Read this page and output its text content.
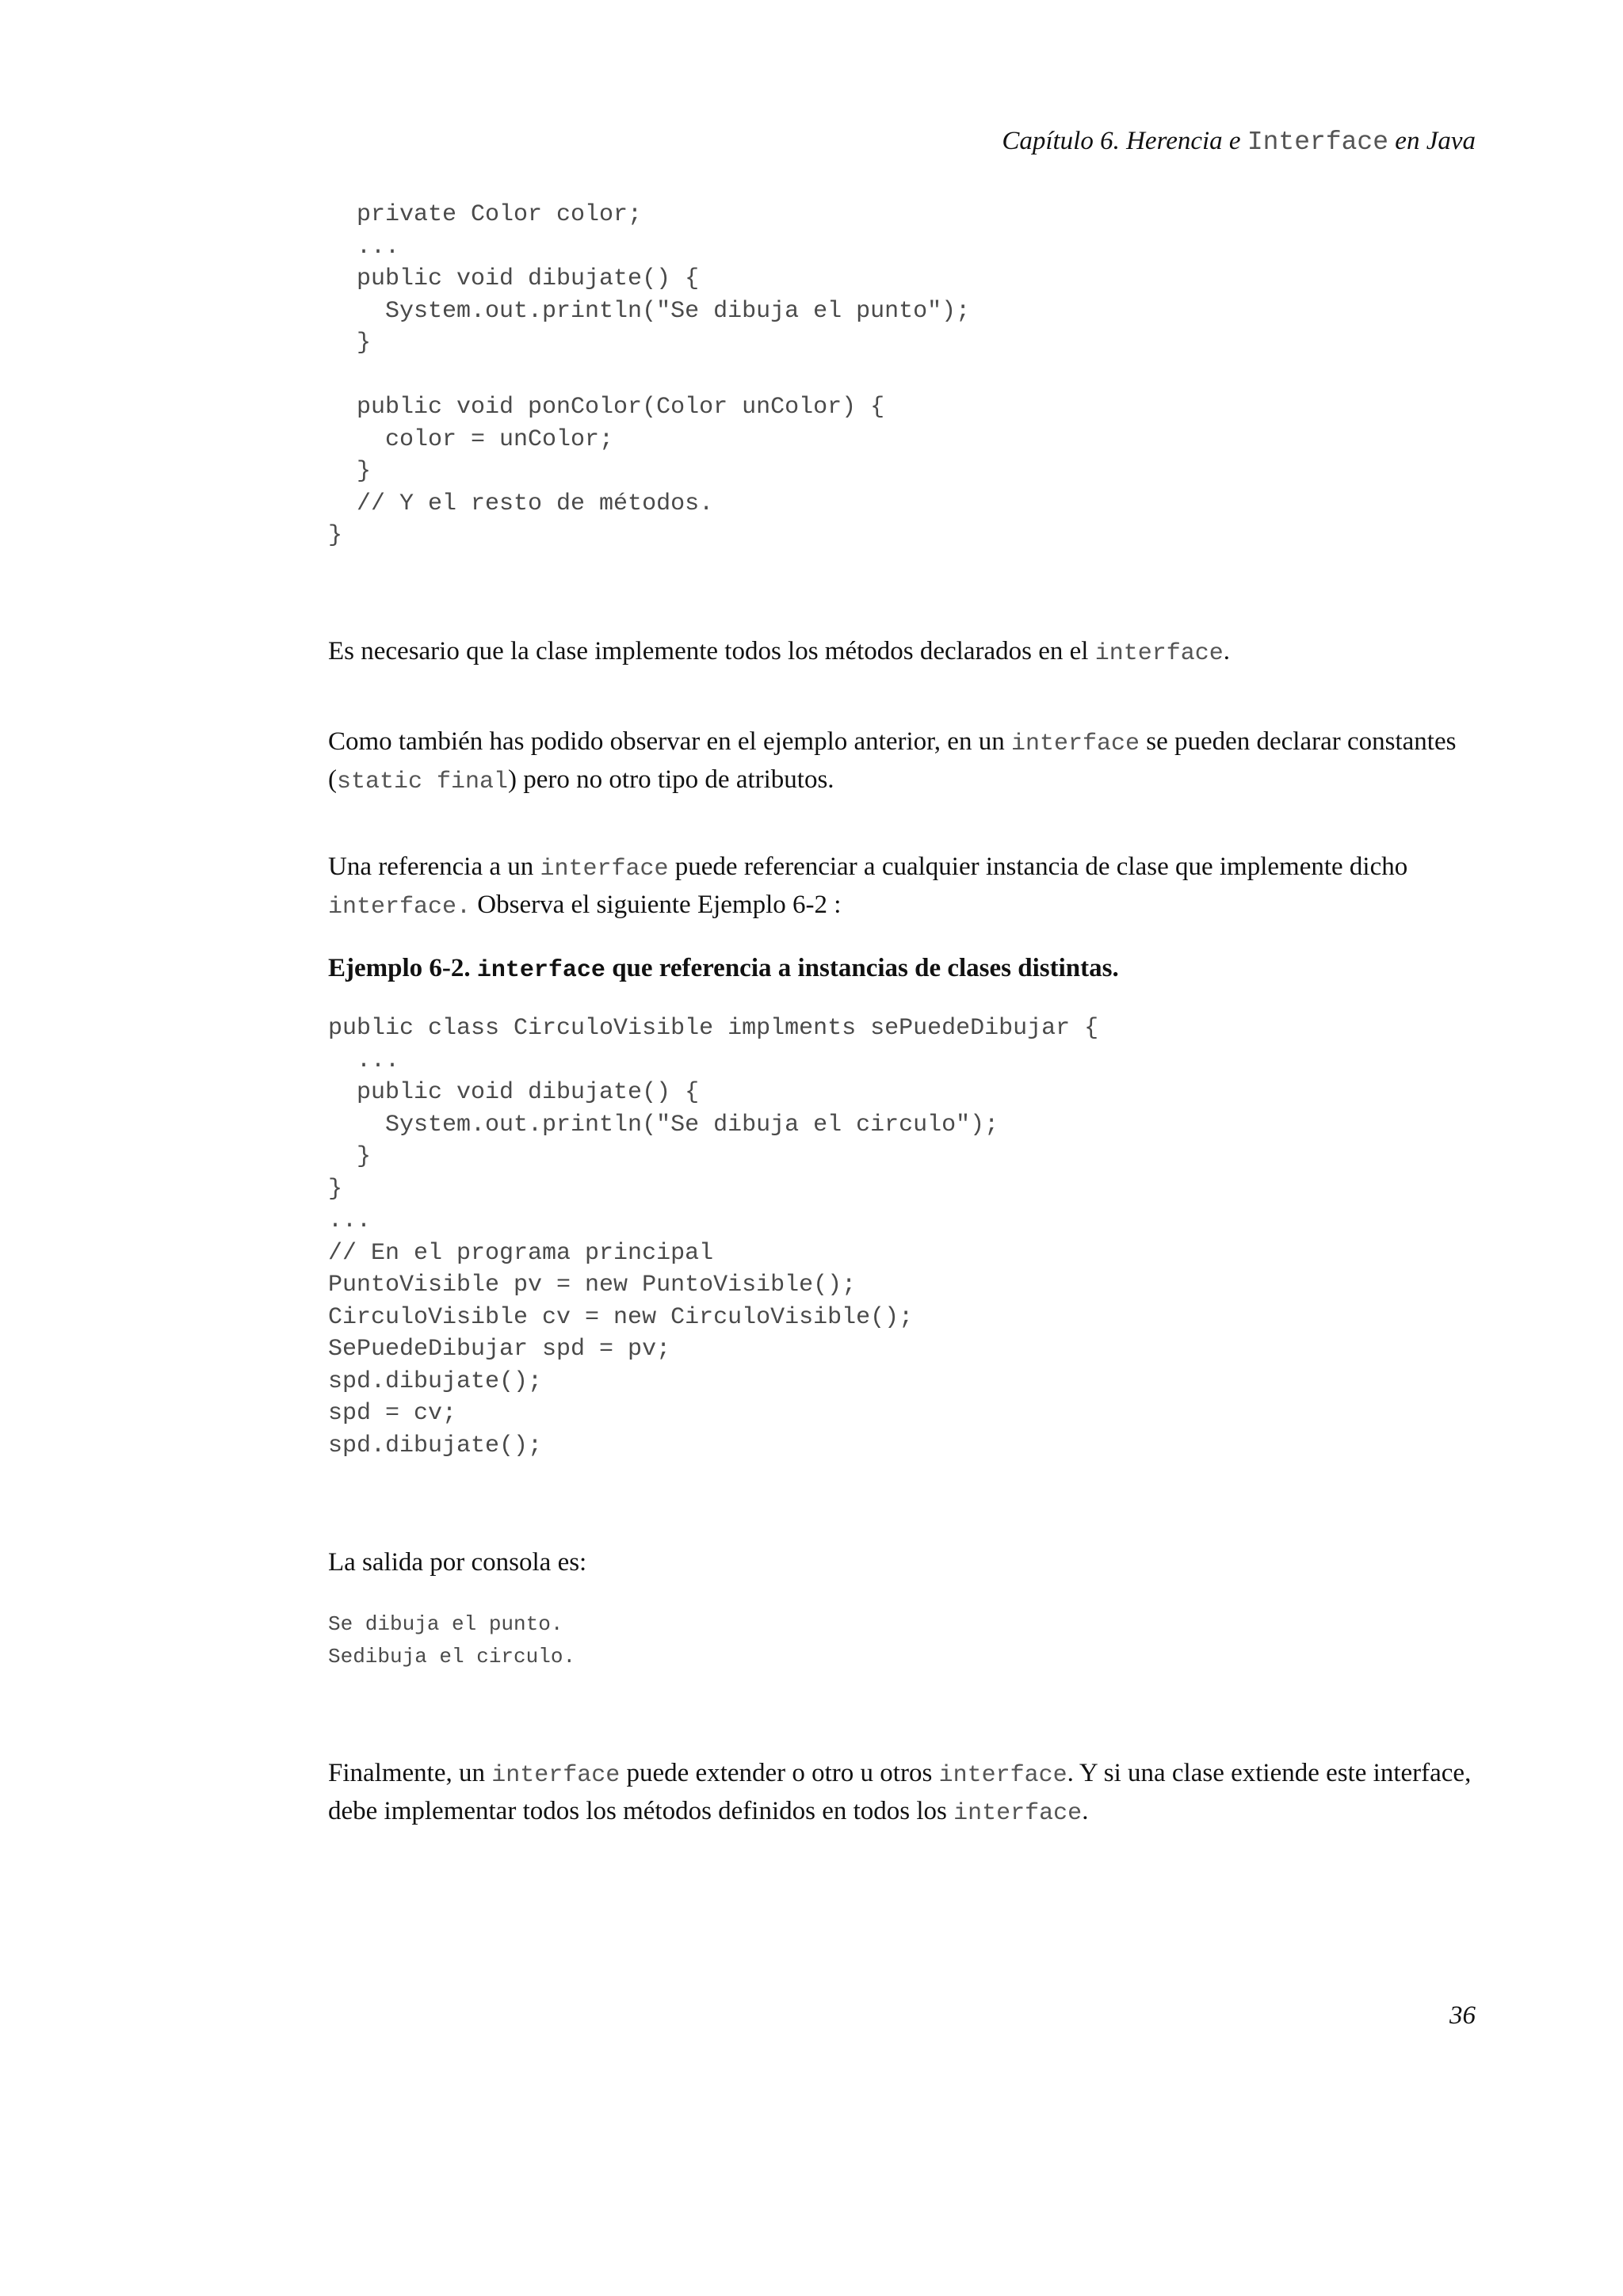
Capítulo 6. Herencia e Interface en Java
private Color color;
...
public void dibujate() {
System.out.println("Se dibuja el punto");
}
public void ponColor(Color unColor) {
color = unColor;
}
// Y el resto de métodos.
}

Es necesario que la clase implemente todos los métodos declarados en el interface.

Como también has podido observar en el ejemplo anterior, en un interface se pueden declarar constantes (static final) pero no otro tipo de atributos.

Una referencia a un interface puede referenciar a cualquier instancia de clase que implemente dicho interface. Observa el siguiente Ejemplo 6-2 :

Ejemplo 6-2. interface que referencia a instancias de clases distintas.
public class CirculoVisible implments sePuedeDibujar {
...
public void dibujate() {
System.out.println("Se dibuja el circulo");
}
}
...
// En el programa principal
PuntoVisible pv = new PuntoVisible();
CirculoVisible cv = new CirculoVisible();
SePuedeDibujar spd = pv;
spd.dibujate();
spd = cv;
spd.dibujate();

La salida por consola es:

Se dibuja el punto.
Sedibuja el circulo.

Finalmente, un interface puede extender o otro u otros interface. Y si una clase extiende este interface, debe implementar todos los métodos definidos en todos los interface.

36
